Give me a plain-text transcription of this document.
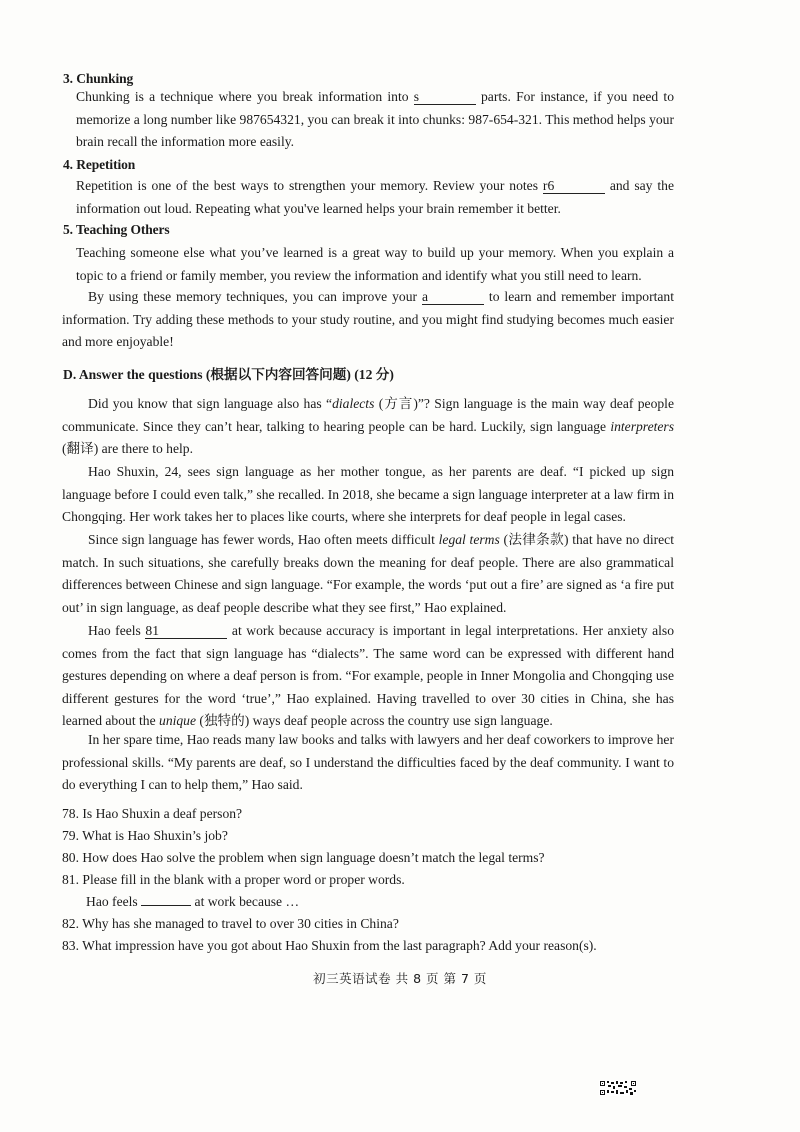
3. Chunking
Chunking is a technique where you break information into s	parts. For instance, if you need to memorize a long number like 987654321, you can break it into chunks: 987-654-321. This method helps your brain recall the information more easily.
4. Repetition
Repetition is one of the best ways to strengthen your memory. Review your notes r 6	and say the information out loud. Repeating what you've learned helps your brain remember it better.
5. Teaching Others
Teaching someone else what you’ve learned is a great way to build up your memory. When you explain a topic to a friend or family member, you review the information and identify what you still need to learn.
By using these memory techniques, you can improve your a	to learn and remember important information. Try adding these methods to your study routine, and you might find studying becomes much easier and more enjoyable!
D. Answer the questions (根据以下内容回答问题) (12 分)
Did you know that sign language also has “dialects (方言)”? Sign language is the main way deaf people communicate. Since they can’t hear, talking to hearing people can be hard. Luckily, sign language interpreters (翻译) are there to help.
Hao Shuxin, 24, sees sign language as her mother tongue, as her parents are deaf. “I picked up sign language before I could even talk,” she recalled. In 2018, she became a sign language interpreter at a law firm in Chongqing. Her work takes her to places like courts, where she interprets for deaf people in legal cases.
Since sign language has fewer words, Hao often meets difficult legal terms (法律条款) that have no direct match. In such situations, she carefully breaks down the meaning for deaf people. There are also grammatical differences between Chinese and sign language. “For example, the words ‘put out a fire’ are signed as ‘a fire put out’ in sign language, as deaf people describe what they see first,” Hao explained.
Hao feels 81	at work because accuracy is important in legal interpretations. Her anxiety also comes from the fact that sign language has “dialects”. The same word can be expressed with different hand gestures depending on where a deaf person is from. “For example, people in Inner Mongolia and Chongqing use different gestures for the word ‘true’,” Hao explained. Having travelled to over 30 cities in China, she has learned about the unique (独特的) ways deaf people across the country use sign language.
In her spare time, Hao reads many law books and talks with lawyers and her deaf coworkers to improve her professional skills. “My parents are deaf, so I understand the difficulties faced by the deaf community. I want to do everything I can to help them,” Hao said.
78. Is Hao Shuxin a deaf person?
79. What is Hao Shuxin’s job?
80. How does Hao solve the problem when sign language doesn’t match the legal terms?
81. Please fill in the blank with a proper word or proper words.
Hao feels	at work because …
82. Why has she managed to travel to over 30 cities in China?
83. What impression have you got about Hao Shuxin from the last paragraph? Add your reason(s).
初三英语试卷 共 8 页 第 7 页
